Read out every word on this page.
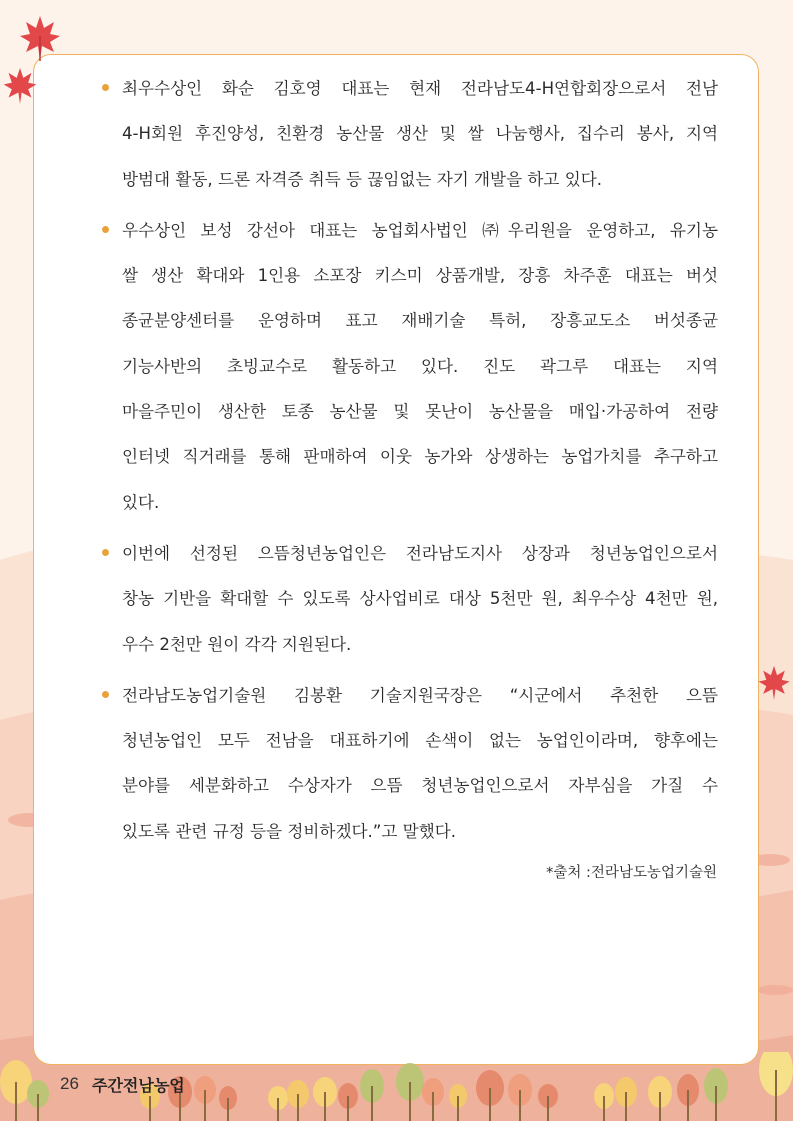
최우수상인 화순 김호영 대표는 현재 전라남도4-H연합회장으로서 전남
4-H회원 후진양성, 친환경 농산물 생산 및 쌀 나눔행사, 집수리 봉사, 지역
방범대 활동, 드론 자격증 취득 등 끊임없는 자기 개발을 하고 있다.
우수상인 보성 강선아 대표는 농업회사법인 ㈜우리원을 운영하고, 유기농
쌀 생산 확대와 1인용 소포장 키스미 상품개발, 장흥 차주훈 대표는 버섯
종균분양센터를 운영하며 표고 재배기술 특허, 장흥교도소 버섯종균
기능사반의 초빙교수로 활동하고 있다. 진도 곽그루 대표는 지역
마을주민이 생산한 토종 농산물 및 못난이 농산물을 매입·가공하여 전량
인터넷 직거래를 통해 판매하여 이웃 농가와 상생하는 농업가치를 추구하고
있다.
이번에 선정된 으뜸청년농업인은 전라남도지사 상장과 청년농업인으로서
창농 기반을 확대할 수 있도록 상사업비로 대상 5천만 원, 최우수상 4천만 원,
우수 2천만 원이 각각 지원된다.
전라남도농업기술원 김봉환 기술지원국장은 “시군에서 추천한 으뜸
청년농업인 모두 전남을 대표하기에 손색이 없는 농업인이라며, 향후에는
분야를 세분화하고 수상자가 으뜸 청년농업인으로서 자부심을 가질 수
있도록 관련 규정 등을 정비하겠다.”고 말했다.
*출처 :전라남도농업기술원
26 주간전남농업
